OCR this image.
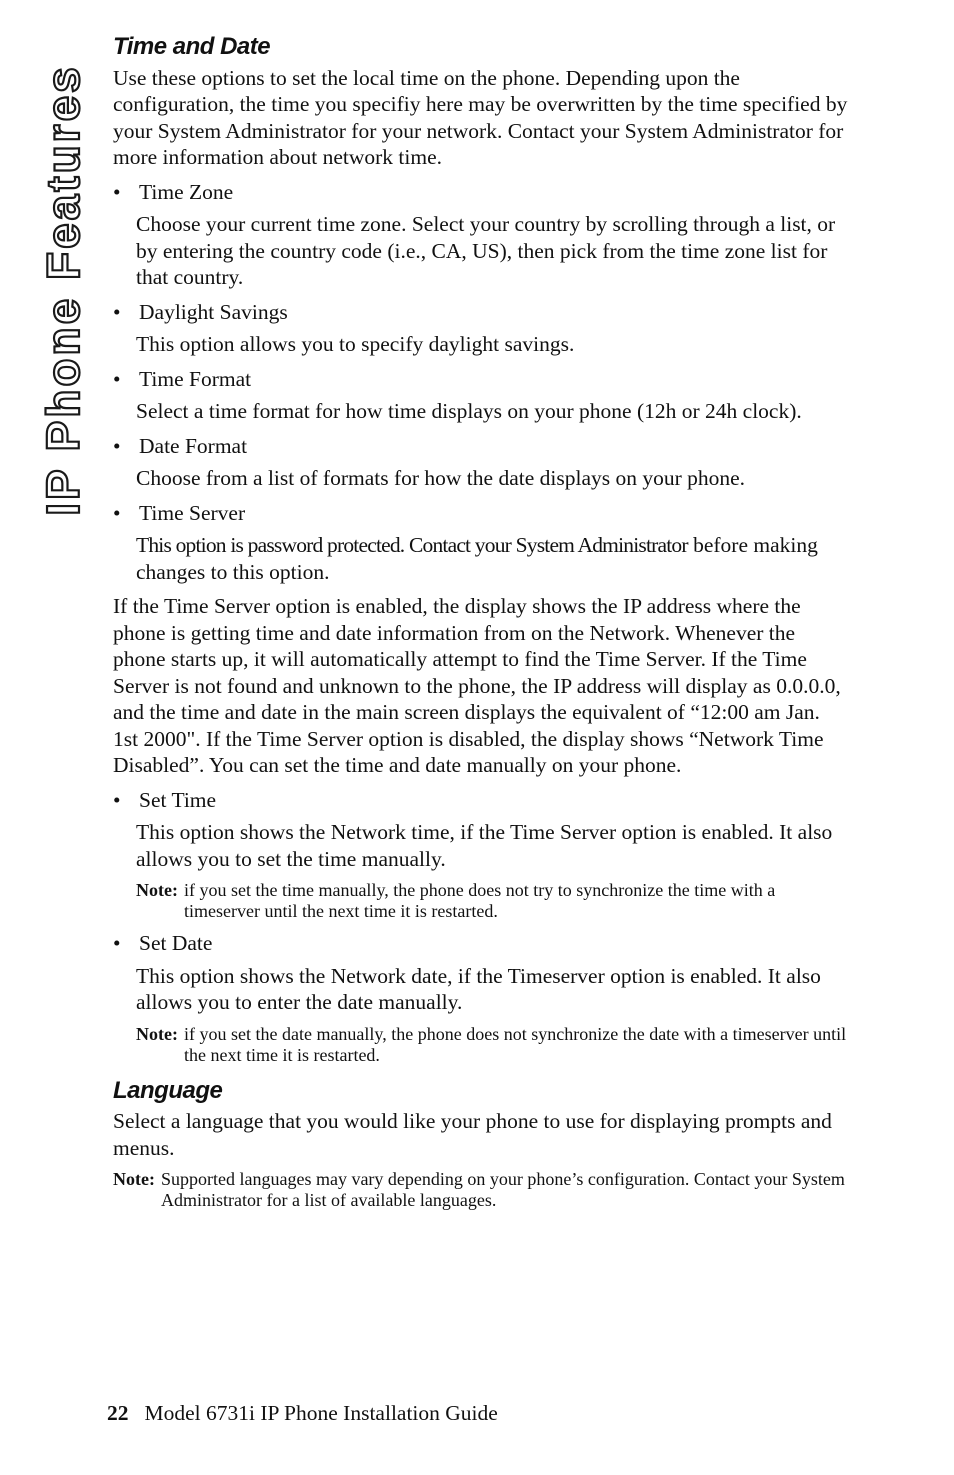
IP Phone Features
Time and Date

Use these options to set the local time on the phone. Depending upon the configuration, the time you specifiy here may be overwritten by the time specified by your System Administrator for your network. Contact your System Administrator for more information about network time.

• Time Zone

Choose your current time zone. Select your country by scrolling through a list, or by entering the country code (i.e., CA, US), then pick from the time zone list for that country.

• Daylight Savings

This option allows you to specify daylight savings.

• Time Format

Select a time format for how time displays on your phone (12h or 24h clock).

• Date Format

Choose from a list of formats for how the date displays on your phone.

• Time Server

This option is password protected. Contact your System Administrator before making changes to this option.

If the Time Server option is enabled, the display shows the IP address where the phone is getting time and date information from on the Network. Whenever the phone starts up, it will automatically attempt to find the Time Server. If the Time Server is not found and unknown to the phone, the IP address will display as 0.0.0.0, and the time and date in the main screen displays the equivalent of “12:00 am Jan. 1st 2000". If the Time Server option is disabled, the display shows “Network Time Disabled”. You can set the time and date manually on your phone.

• Set Time

This option shows the Network time, if the Time Server option is enabled. It also allows you to set the time manually.

Note: if you set the time manually, the phone does not try to synchronize the time with a timeserver until the next time it is restarted.
• Set Date

This option shows the Network date, if the Timeserver option is enabled. It also allows you to enter the date manually.

Note: if you set the date manually, the phone does not synchronize the date with a timeserver until the next time it is restarted.
Language

Select a language that you would like your phone to use for displaying prompts and menus.

Note: Supported languages may vary depending on your phone’s configuration. Contact your System Administrator for a list of available languages.
22 Model 6731i IP Phone Installation Guide
